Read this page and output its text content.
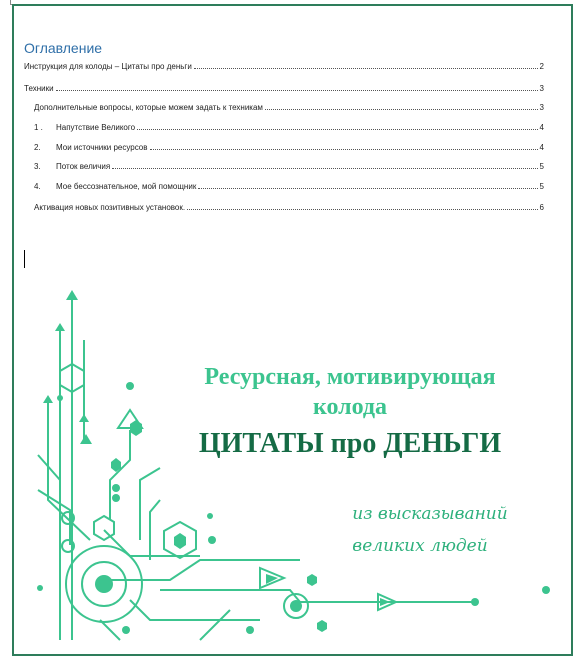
Оглавление
Инструкция для колоды – Цитаты про деньги	2
Техники	3
Дополнительные вопросы, которые можем задать к техникам	3
1 .	Напутствие Великого	4
2.	Мои источники ресурсов	4
3.	Поток величия	5
4.	Мое бессознательное, мой помощник	5
Активация новых позитивных установок.	6
Ресурсная, мотивирующая
колода
ЦИТАТЫ про ДЕНЬГИ
из высказываний
великих людей
